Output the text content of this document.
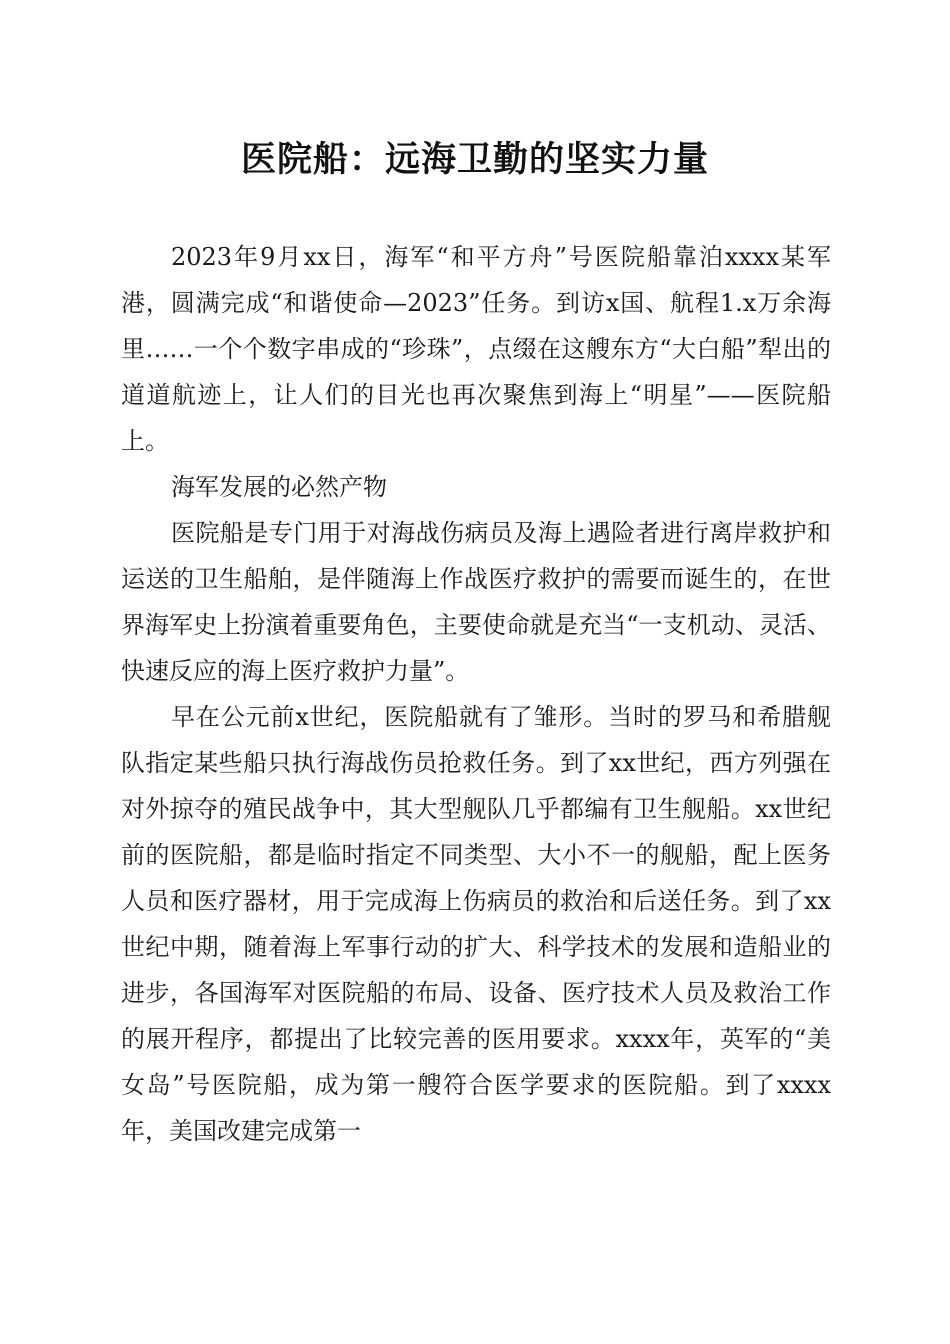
医院船：远海卫勤的坚实力量

2023年9月xx日，海军“和平方舟”号医院船靠泊xxxx某军港，圆满完成“和谐使命—2023”任务。到访x国、航程1.x万余海里……一个个数字串成的“珍珠”，点缀在这艘东方“大白船”犁出的道道航迹上，让人们的目光也再次聚焦到海上“明星”——医院船上。

海军发展的必然产物

医院船是专门用于对海战伤病员及海上遇险者进行离岸救护和运送的卫生船舶，是伴随海上作战医疗救护的需要而诞生的，在世界海军史上扮演着重要角色，主要使命就是充当“一支机动、灵活、快速反应的海上医疗救护力量”。

早在公元前x世纪，医院船就有了雏形。当时的罗马和希腊舰队指定某些船只执行海战伤员抢救任务。到了xx世纪，西方列强在对外掠夺的殖民战争中，其大型舰队几乎都编有卫生舰船。xx世纪前的医院船，都是临时指定不同类型、大小不一的舰船，配上医务人员和医疗器材，用于完成海上伤病员的救治和后送任务。到了xx世纪中期，随着海上军事行动的扩大、科学技术的发展和造船业的进步，各国海军对医院船的布局、设备、医疗技术人员及救治工作的展开程序，都提出了比较完善的医用要求。xxxx年，英军的“美女岛”号医院船，成为第一艘符合医学要求的医院船。到了xxxx年，美国改建完成第一
